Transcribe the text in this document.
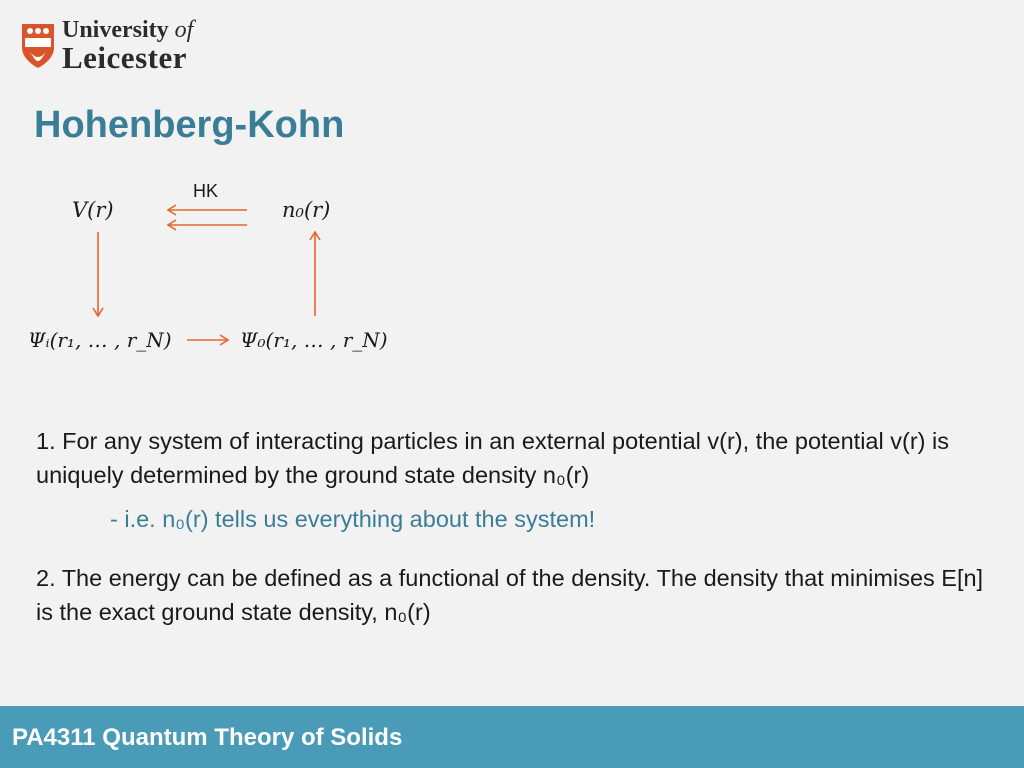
University of
Leicester
Hohenberg-Kohn
V(r)
HK
n₀(r)
Ψᵢ(r₁, … , r_N)	Ψ₀(r₁, … , r_N)
1. For any system of interacting particles in an external potential v(r), the potential v(r) is uniquely determined by the ground state density n₀(r)
- i.e. n₀(r) tells us everything about the system!
2. The energy can be defined as a functional of the density. The density that minimises E[n] is the exact ground state density, n₀(r)
PA4311 Quantum Theory of Solids
